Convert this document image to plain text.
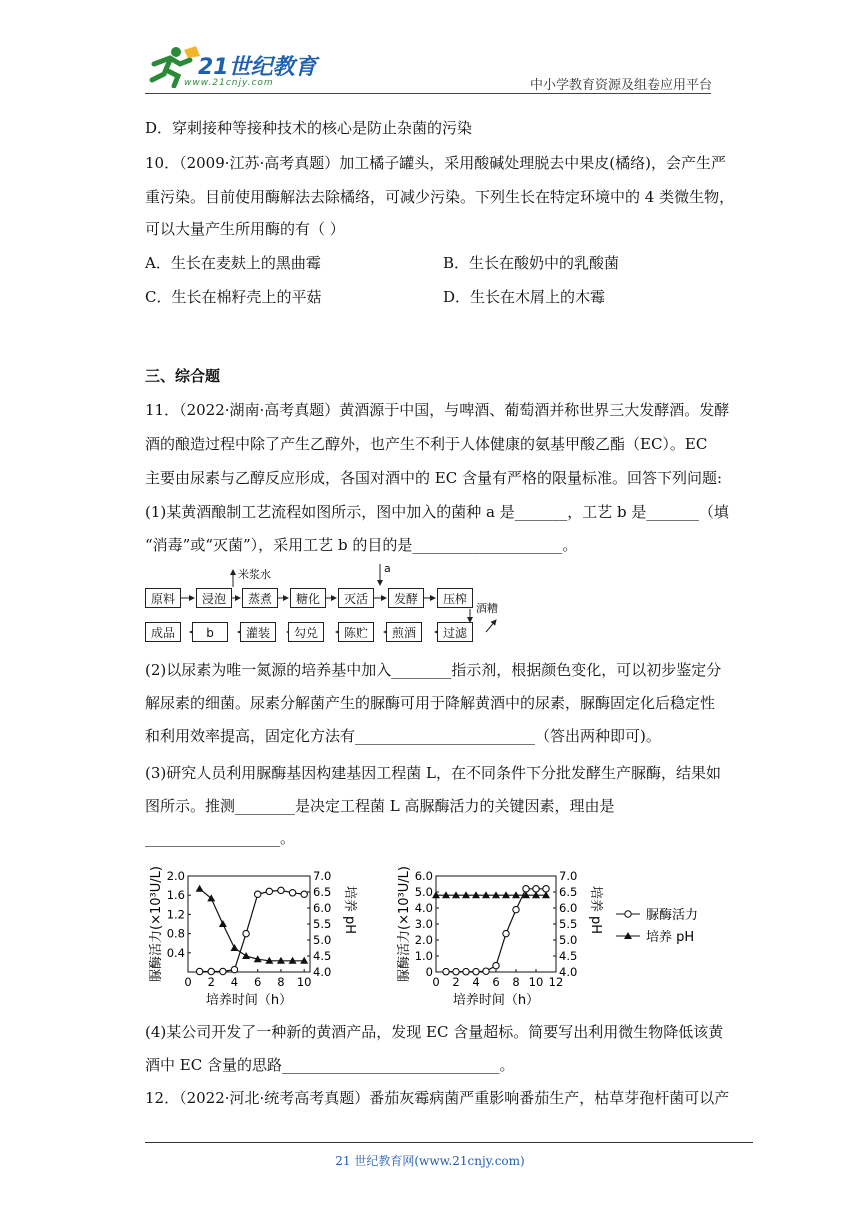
21世纪教育
www.21cnjy.com	中小学教育资源及组卷应用平台
D．穿刺接种等接种技术的核心是防止杂菌的污染
10．（2009·江苏·高考真题）加工橘子罐头，采用酸碱处理脱去中果皮(橘络)，会产生严
重污染。目前使用酶解法去除橘络，可减少污染。下列生长在特定环境中的 4 类微生物，
可以大量产生所用酶的有（ ）
A．生长在麦麸上的黑曲霉	B．生长在酸奶中的乳酸菌
C．生长在棉籽壳上的平菇	D．生长在木屑上的木霉
三、综合题
11．（2022·湖南·高考真题）黄酒源于中国，与啤酒、葡萄酒并称世界三大发酵酒。发酵
酒的酿造过程中除了产生乙醇外，也产生不利于人体健康的氨基甲酸乙酯（EC）。EC
主要由尿素与乙醇反应形成，各国对酒中的 EC 含量有严格的限量标准。回答下列问题:
(1)某黄酒酿制工艺流程如图所示，图中加入的菌种 a 是_______，工艺 b 是_______（填
“消毒”或“灭菌”），采用工艺 b 的目的是____________________。
原料	浸泡	蒸煮	糖化	灭活	发酵	压榨
成品	b	灌装	勾兑	陈贮	煎酒	过滤
米浆水	a
酒糟
(2)以尿素为唯一氮源的培养基中加入________指示剂，根据颜色变化，可以初步鉴定分
解尿素的细菌。尿素分解菌产生的脲酶可用于降解黄酒中的尿素，脲酶固定化后稳定性
和利用效率提高，固定化方法有________________________（答出两种即可)。
(3)研究人员利用脲酶基因构建基因工程菌 L，在不同条件下分批发酵生产脲酶，结果如
图所示。推测________是决定工程菌 L 高脲酶活力的关键因素，理由是
__________________。
0 2 4 6 8 10
0.4
0.8
1.2
1.6
2.0
4.0
4.5
5.0
5.5
6.0
6.5
7.0
培养时间（h）
脲酶活力(×10³U/L)	培养 pH
0 2 4 6 8 10 12
0
1.0
2.0
3.0
4.0
5.0
6.0
4.0
4.5
5.0
5.5
6.0
6.5
7.0
培养时间（h）
脲酶活力(×10³U/L)	培养 pH	脲酶活力
培养 pH
(4)某公司开发了一种新的黄酒产品，发现 EC 含量超标。简要写出利用微生物降低该黄
酒中 EC 含量的思路_____________________________。
12．（2022·河北·统考高考真题）番茄灰霉病菌严重影响番茄生产，枯草芽孢杆菌可以产
21 世纪教育网(www.21cnjy.com)
